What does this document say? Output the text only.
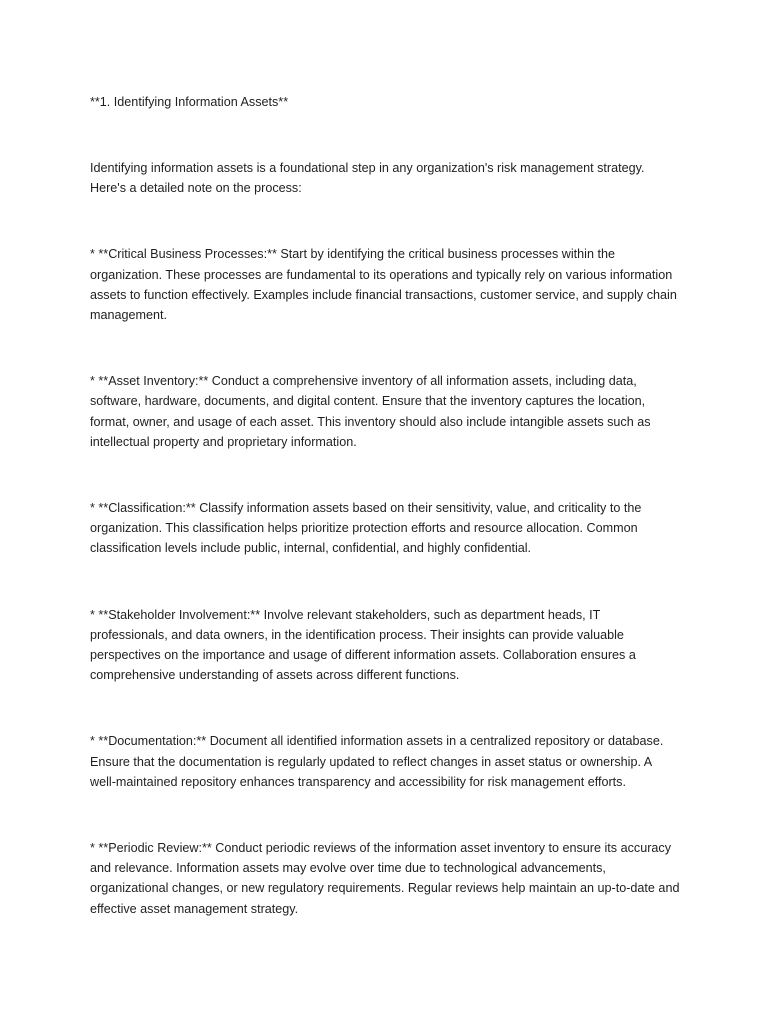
**1. Identifying Information Assets**

Identifying information assets is a foundational step in any organization's risk management strategy. Here's a detailed note on the process:

* **Critical Business Processes:** Start by identifying the critical business processes within the organization. These processes are fundamental to its operations and typically rely on various information assets to function effectively. Examples include financial transactions, customer service, and supply chain management.

* **Asset Inventory:** Conduct a comprehensive inventory of all information assets, including data, software, hardware, documents, and digital content. Ensure that the inventory captures the location, format, owner, and usage of each asset. This inventory should also include intangible assets such as intellectual property and proprietary information.

* **Classification:** Classify information assets based on their sensitivity, value, and criticality to the organization. This classification helps prioritize protection efforts and resource allocation. Common classification levels include public, internal, confidential, and highly confidential.

* **Stakeholder Involvement:** Involve relevant stakeholders, such as department heads, IT professionals, and data owners, in the identification process. Their insights can provide valuable perspectives on the importance and usage of different information assets. Collaboration ensures a comprehensive understanding of assets across different functions.

* **Documentation:** Document all identified information assets in a centralized repository or database. Ensure that the documentation is regularly updated to reflect changes in asset status or ownership. A well-maintained repository enhances transparency and accessibility for risk management efforts.

* **Periodic Review:** Conduct periodic reviews of the information asset inventory to ensure its accuracy and relevance. Information assets may evolve over time due to technological advancements, organizational changes, or new regulatory requirements. Regular reviews help maintain an up-to-date and effective asset management strategy.
